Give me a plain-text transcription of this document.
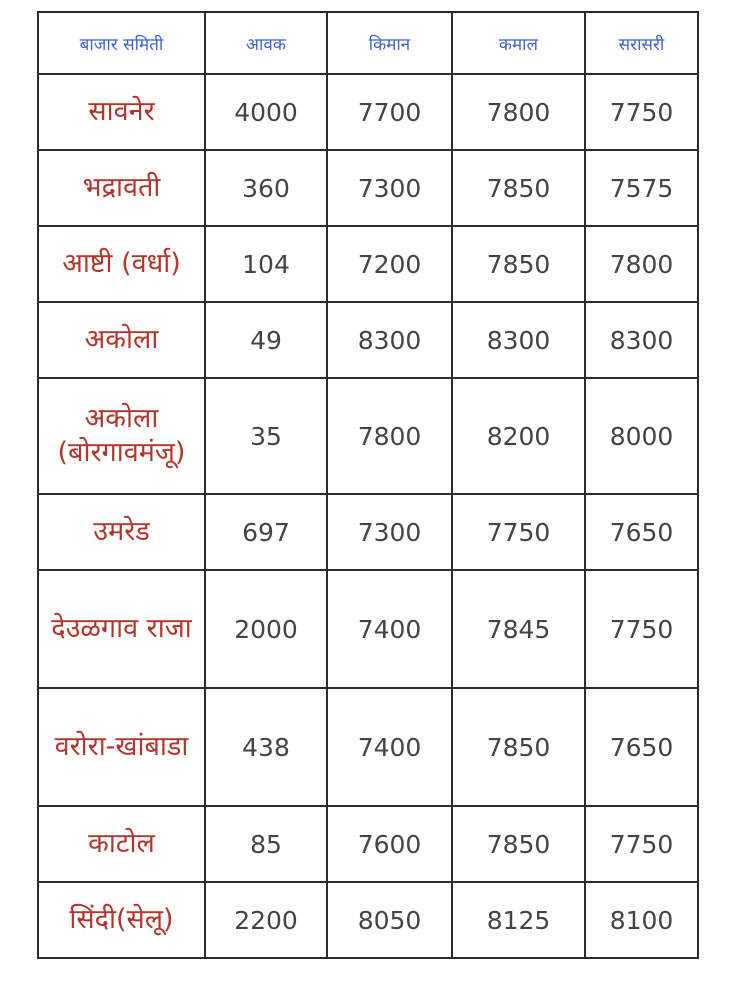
बाजार समिती	आवक	किमान	कमाल	सरासरी
सावनेर	4000	7700	7800	7750
भद्रावती	360	7300	7850	7575
आष्टी (वर्धा)	104	7200	7850	7800
अकोला	49	8300	8300	8300
अकोला (बोरगावमंजू)	35	7800	8200	8000
उमरेड	697	7300	7750	7650
देउळगाव राजा	2000	7400	7845	7750
वरोरा-खांबाडा	438	7400	7850	7650
काटोल	85	7600	7850	7750
सिंदी(सेलू)	2200	8050	8125	8100
